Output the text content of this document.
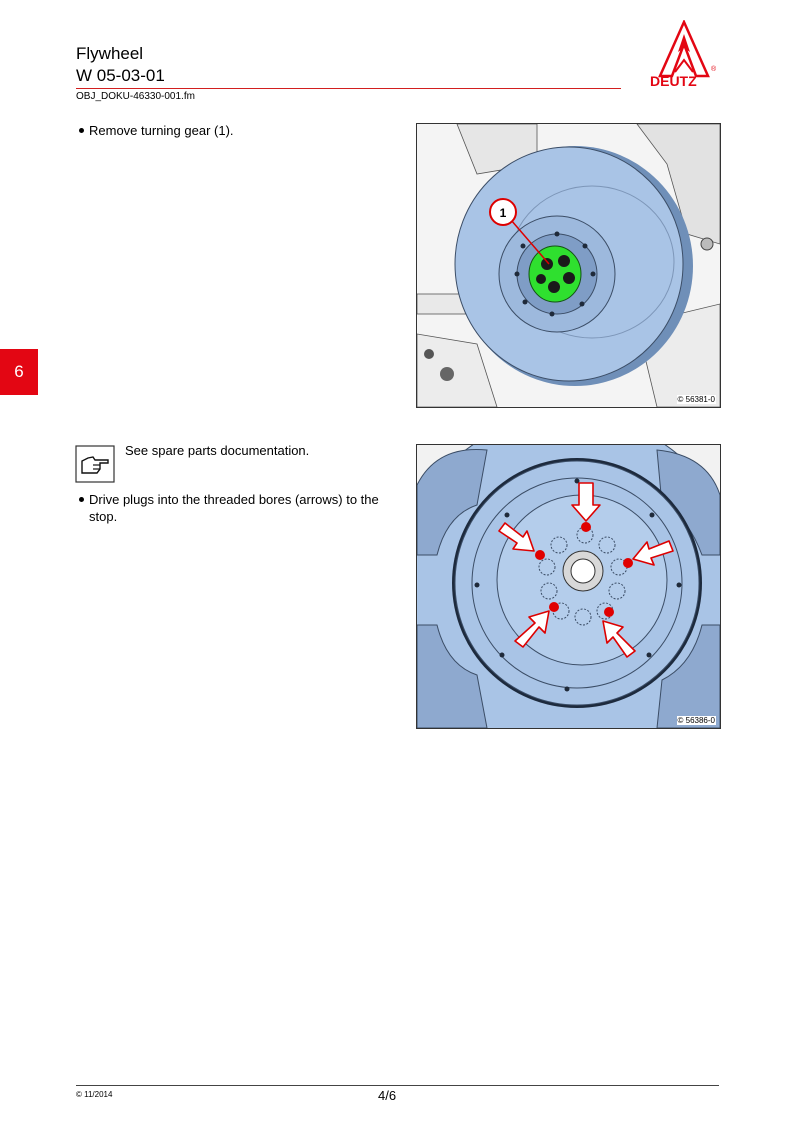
Flywheel
W 05-03-01
OBJ_DOKU-46330-001.fm
DEUTZ
®
6
Remove turning gear (1).
1
© 56381-0
See spare parts documentation.
Drive plugs into the threaded bores (arrows) to the
stop.
© 56386-0
© 11/2014	4/6
